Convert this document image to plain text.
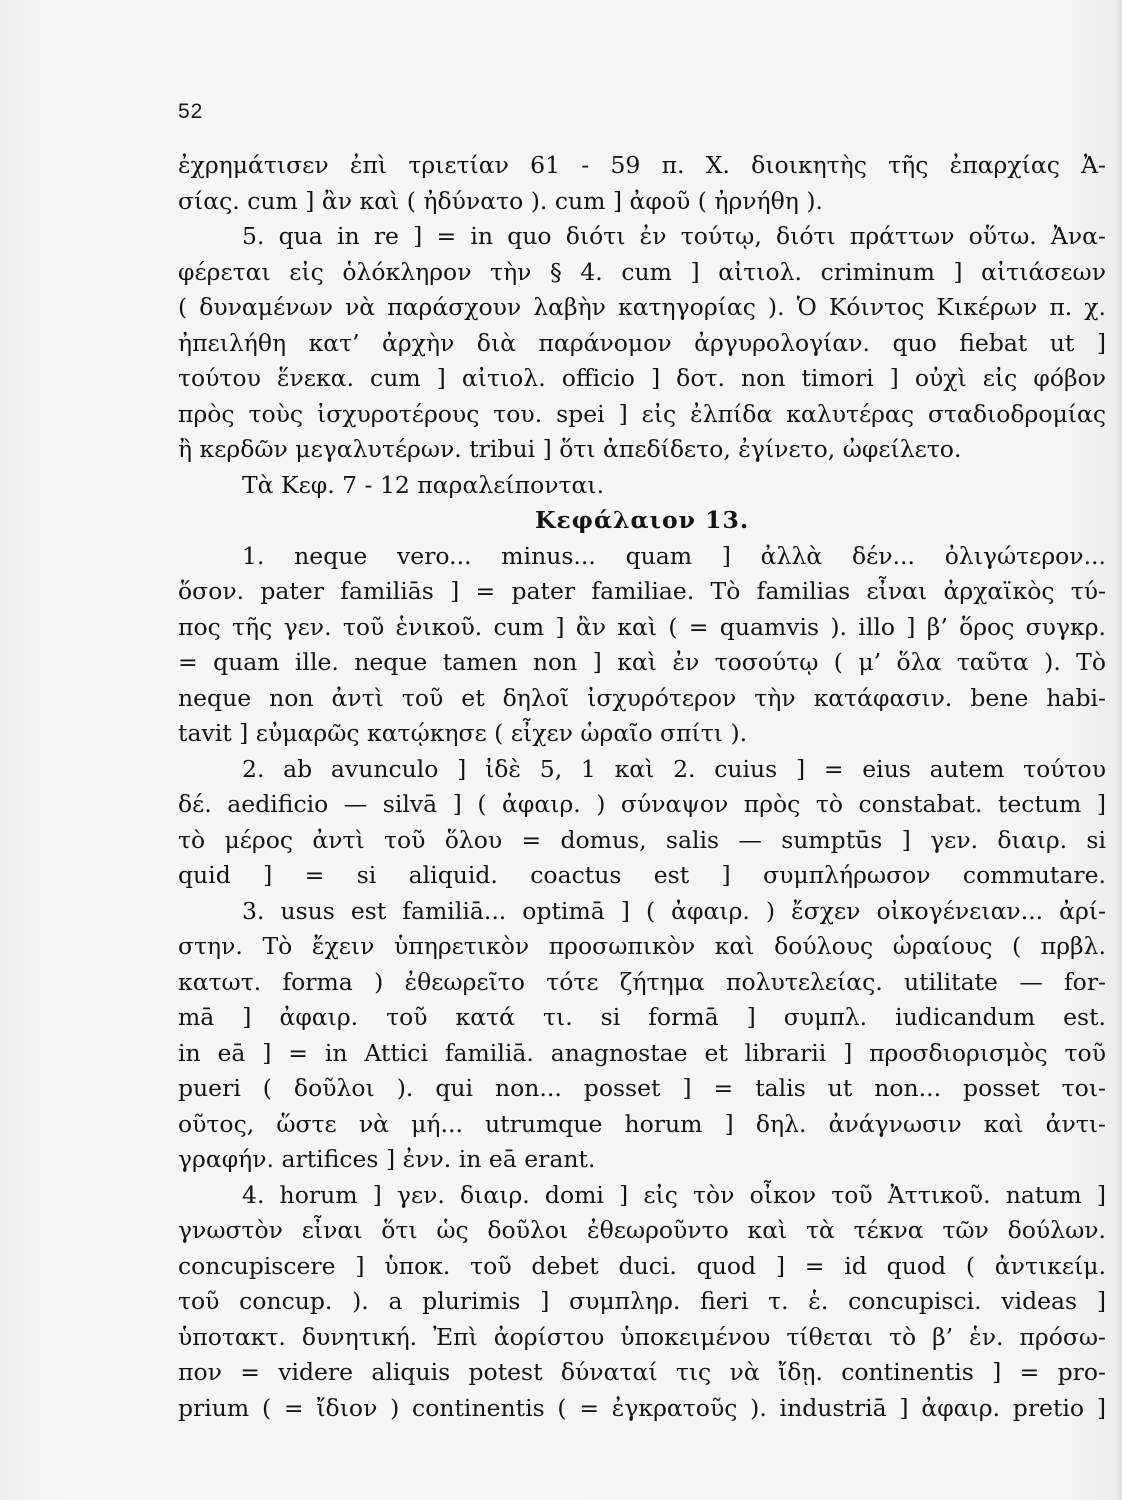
52
ἐχρημάτισεν ἐπὶ τριετίαν 61 - 59 π. Χ. διοικητὴς τῆς ἐπαρχίας Ἀ-
σίας. cum ] ἂν καὶ ( ἠδύνατο ). cum ] ἀφοῦ ( ἠρνήθη ).
5. qua in re ] = in quo διότι ἐν τούτῳ, διότι πράττων οὕτω. Ἀνα-
φέρεται εἰς ὁλόκληρον τὴν § 4. cum ] αἰτιολ. criminum ] αἰτιάσεων
( δυναμένων νὰ παράσχουν λαβὴν κατηγορίας ). Ὁ Κόιντος Κικέρων π. χ.
ἠπειλήθη κατ’ ἀρχὴν διὰ παράνομον ἀργυρολογίαν. quo fiebat ut ]
τούτου ἕνεκα. cum ] αἰτιολ. officio ] δοτ. non timori ] οὐχὶ εἰς φόβον
πρὸς τοὺς ἰσχυροτέρους του. spei ] εἰς ἐλπίδα καλυτέρας σταδιοδρομίας
ἢ κερδῶν μεγαλυτέρων. tribui ] ὅτι ἀπεδίδετο, ἐγίνετο, ὠφείλετο.
Τὰ Κεφ. 7 - 12 παραλείπονται.
Κεφάλαιον 13.
1. neque vero... minus... quam ] ἀλλὰ δέν... ὀλιγώτερον...
ὅσον. pater familiās ] = pater familiae. Τὸ familias εἶναι ἀρχαϊκὸς τύ-
πος τῆς γεν. τοῦ ἑνικοῦ. cum ] ἂν καὶ ( = quamvis ). illo ] β’ ὅρος συγκρ.
= quam ille. neque tamen non ] καὶ ἐν τοσούτῳ ( μ’ ὅλα ταῦτα ). Τὸ
neque non ἀντὶ τοῦ et δηλοῖ ἰσχυρότερον τὴν κατάφασιν. bene habi-
tavit ] εὐμαρῶς κατῴκησε ( εἶχεν ὡραῖο σπίτι ).
2. ab avunculo ] ἰδὲ 5, 1 καὶ 2. cuius ] = eius autem τούτου
δέ. aedificio — silvā ] ( ἀφαιρ. ) σύναψον πρὸς τὸ constabat. tectum ]
τὸ μέρος ἀντὶ τοῦ ὅλου = domus, salis — sumptūs ] γεν. διαιρ. si
quid ] = si aliquid. coactus est ] συμπλήρωσον commutare.
3. usus est familiā... optimā ] ( ἀφαιρ. ) ἔσχεν οἰκογένειαν... ἀρί-
στην. Τὸ ἔχειν ὑπηρετικὸν προσωπικὸν καὶ δούλους ὡραίους ( πρβλ.
κατωτ. forma ) ἐθεωρεῖτο τότε ζήτημα πολυτελείας. utilitate — for-
mā ] ἀφαιρ. τοῦ κατά τι. si formā ] συμπλ. iudicandum est.
in eā ] = in Attici familiā. anagnostae et librarii ] προσδιορισμὸς τοῦ
pueri ( δοῦλοι ). qui non... posset ] = talis ut non... posset τοι-
οῦτος, ὥστε νὰ μή... utrumque horum ] δηλ. ἀνάγνωσιν καὶ ἀντι-
γραφήν. artifices ] ἐνν. in eā erant.
4. horum ] γεν. διαιρ. domi ] εἰς τὸν οἶκον τοῦ Ἀττικοῦ. natum ]
γνωστὸν εἶναι ὅτι ὡς δοῦλοι ἐθεωροῦντο καὶ τὰ τέκνα τῶν δούλων.
concupiscere ] ὑποκ. τοῦ debet duci. quod ] = id quod ( ἀντικείμ.
τοῦ concup. ). a plurimis ] συμπληρ. fieri τ. ἑ. concupisci. videas ]
ὑποτακτ. δυνητική. Ἐπὶ ἀορίστου ὑποκειμένου τίθεται τὸ β’ ἑν. πρόσω-
πον = videre aliquis potest δύναταί τις νὰ ἴδῃ. continentis ] = pro-
prium ( = ἴδιον ) continentis ( = ἐγκρατοῦς ). industriā ] ἀφαιρ. pretio ]
